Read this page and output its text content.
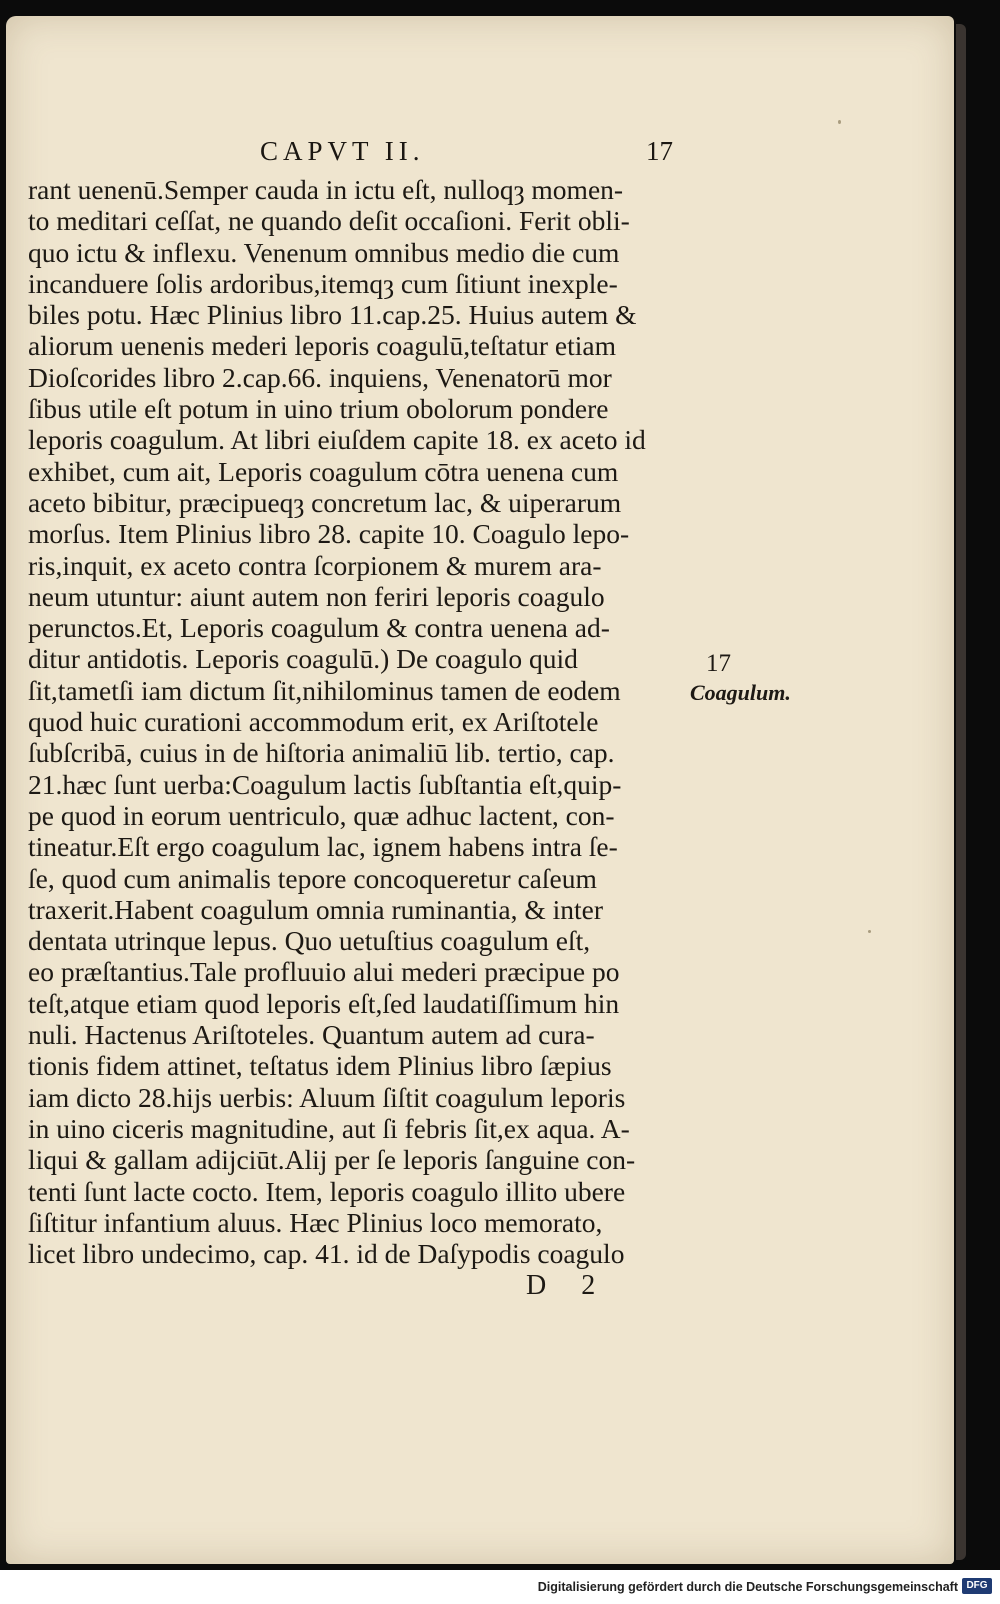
CAPVT II.	17
rant uenenū.Semper cauda in ictu eſt, nulloqȝ momen-
to meditari ceſſat, ne quando deſit occaſioni. Ferit obli-
quo ictu & inflexu. Venenum omnibus medio die cum
incanduere ſolis ardoribus,itemqȝ cum ſitiunt inexple-
biles potu. Hæc Plinius libro 11.cap.25. Huius autem &
aliorum uenenis mederi leporis coagulū,teſtatur etiam
Dioſcorides libro 2.cap.66. inquiens, Venenatorū mor
ſibus utile eſt potum in uino trium obolorum pondere
leporis coagulum. At libri eiuſdem capite 18. ex aceto id
exhibet, cum ait, Leporis coagulum cōtra uenena cum
aceto bibitur, præcipueqȝ concretum lac, & uiperarum
morſus. Item Plinius libro 28. capite 10. Coagulo lepo-
ris,inquit, ex aceto contra ſcorpionem & murem ara-
neum utuntur: aiunt autem non feriri leporis coagulo
perunctos.Et, Leporis coagulum & contra uenena ad-
ditur antidotis. Leporis coagulū.) De coagulo quid
ſit,tametſi iam dictum ſit,nihilominus tamen de eodem
quod huic curationi accommodum erit, ex Ariſtotele
ſubſcribā, cuius in de hiſtoria animaliū lib. tertio, cap.
21.hæc ſunt uerba:Coagulum lactis ſubſtantia eſt,quip-
pe quod in eorum uentriculo, quæ adhuc lactent, con-
tineatur.Eſt ergo coagulum lac, ignem habens intra ſe-
ſe, quod cum animalis tepore concoqueretur caſeum
traxerit.Habent coagulum omnia ruminantia, & inter
dentata utrinque lepus. Quo uetuſtius coagulum eſt,
eo præſtantius.Tale profluuio alui mederi præcipue po
teſt,atque etiam quod leporis eſt,ſed laudatiſſimum hin
nuli. Hactenus Ariſtoteles. Quantum autem ad cura-
tionis fidem attinet, teſtatus idem Plinius libro ſæpius
iam dicto 28.hijs uerbis: Aluum ſiſtit coagulum leporis
in uino ciceris magnitudine, aut ſi febris ſit,ex aqua. A-
liqui & gallam adijciūt.Alij per ſe leporis ſanguine con-
tenti ſunt lacte cocto. Item, leporis coagulo illito ubere
ſiſtitur infantium aluus. Hæc Plinius loco memorato,
licet libro undecimo, cap. 41. id de Daſypodis coagulo
17
Coagulum.
D 2
Digitalisierung gefördert durch die Deutsche Forschungsgemeinschaft DFG
